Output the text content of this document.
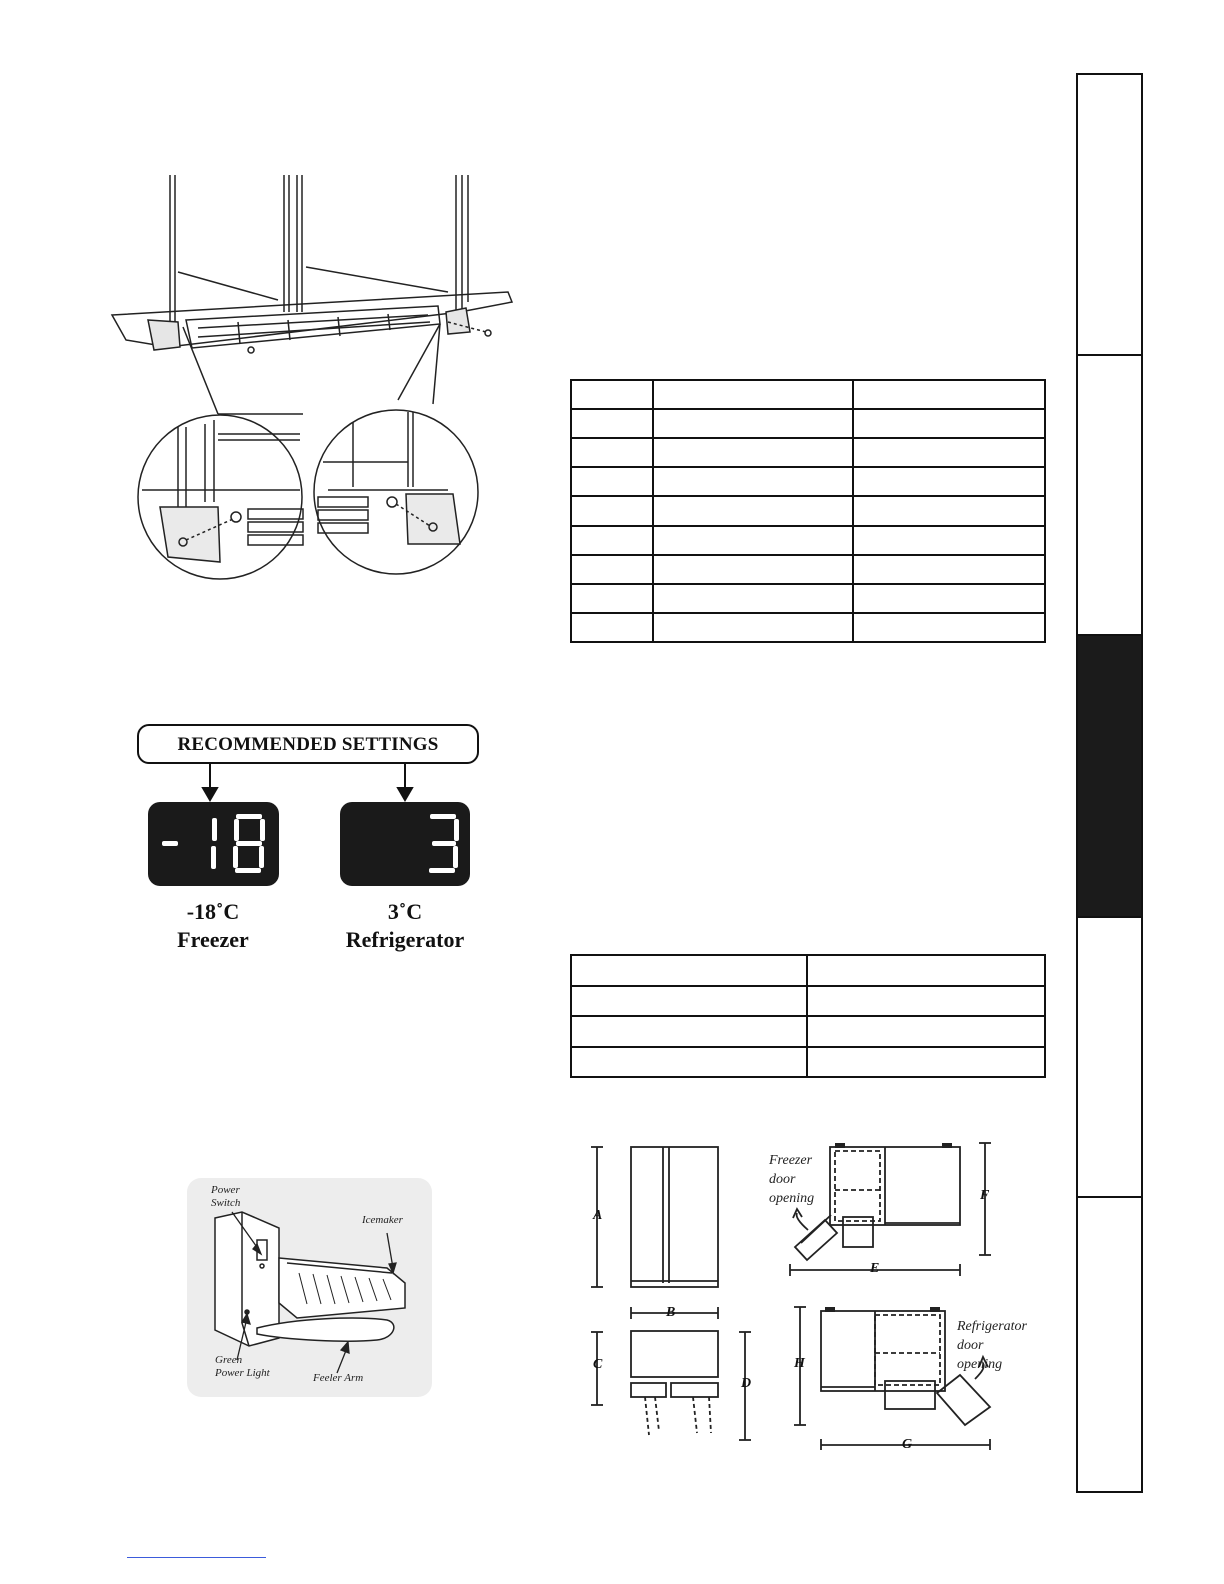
RECOMMENDED SETTINGS
-18˚C
Freezer
3˚C
Refrigerator

Power
Switch
Icemaker
Green
Power Light	Feeler Arm
A
B
C
D
E
F
G
H
Freezer
door
opening
Refrigerator
door
opening
